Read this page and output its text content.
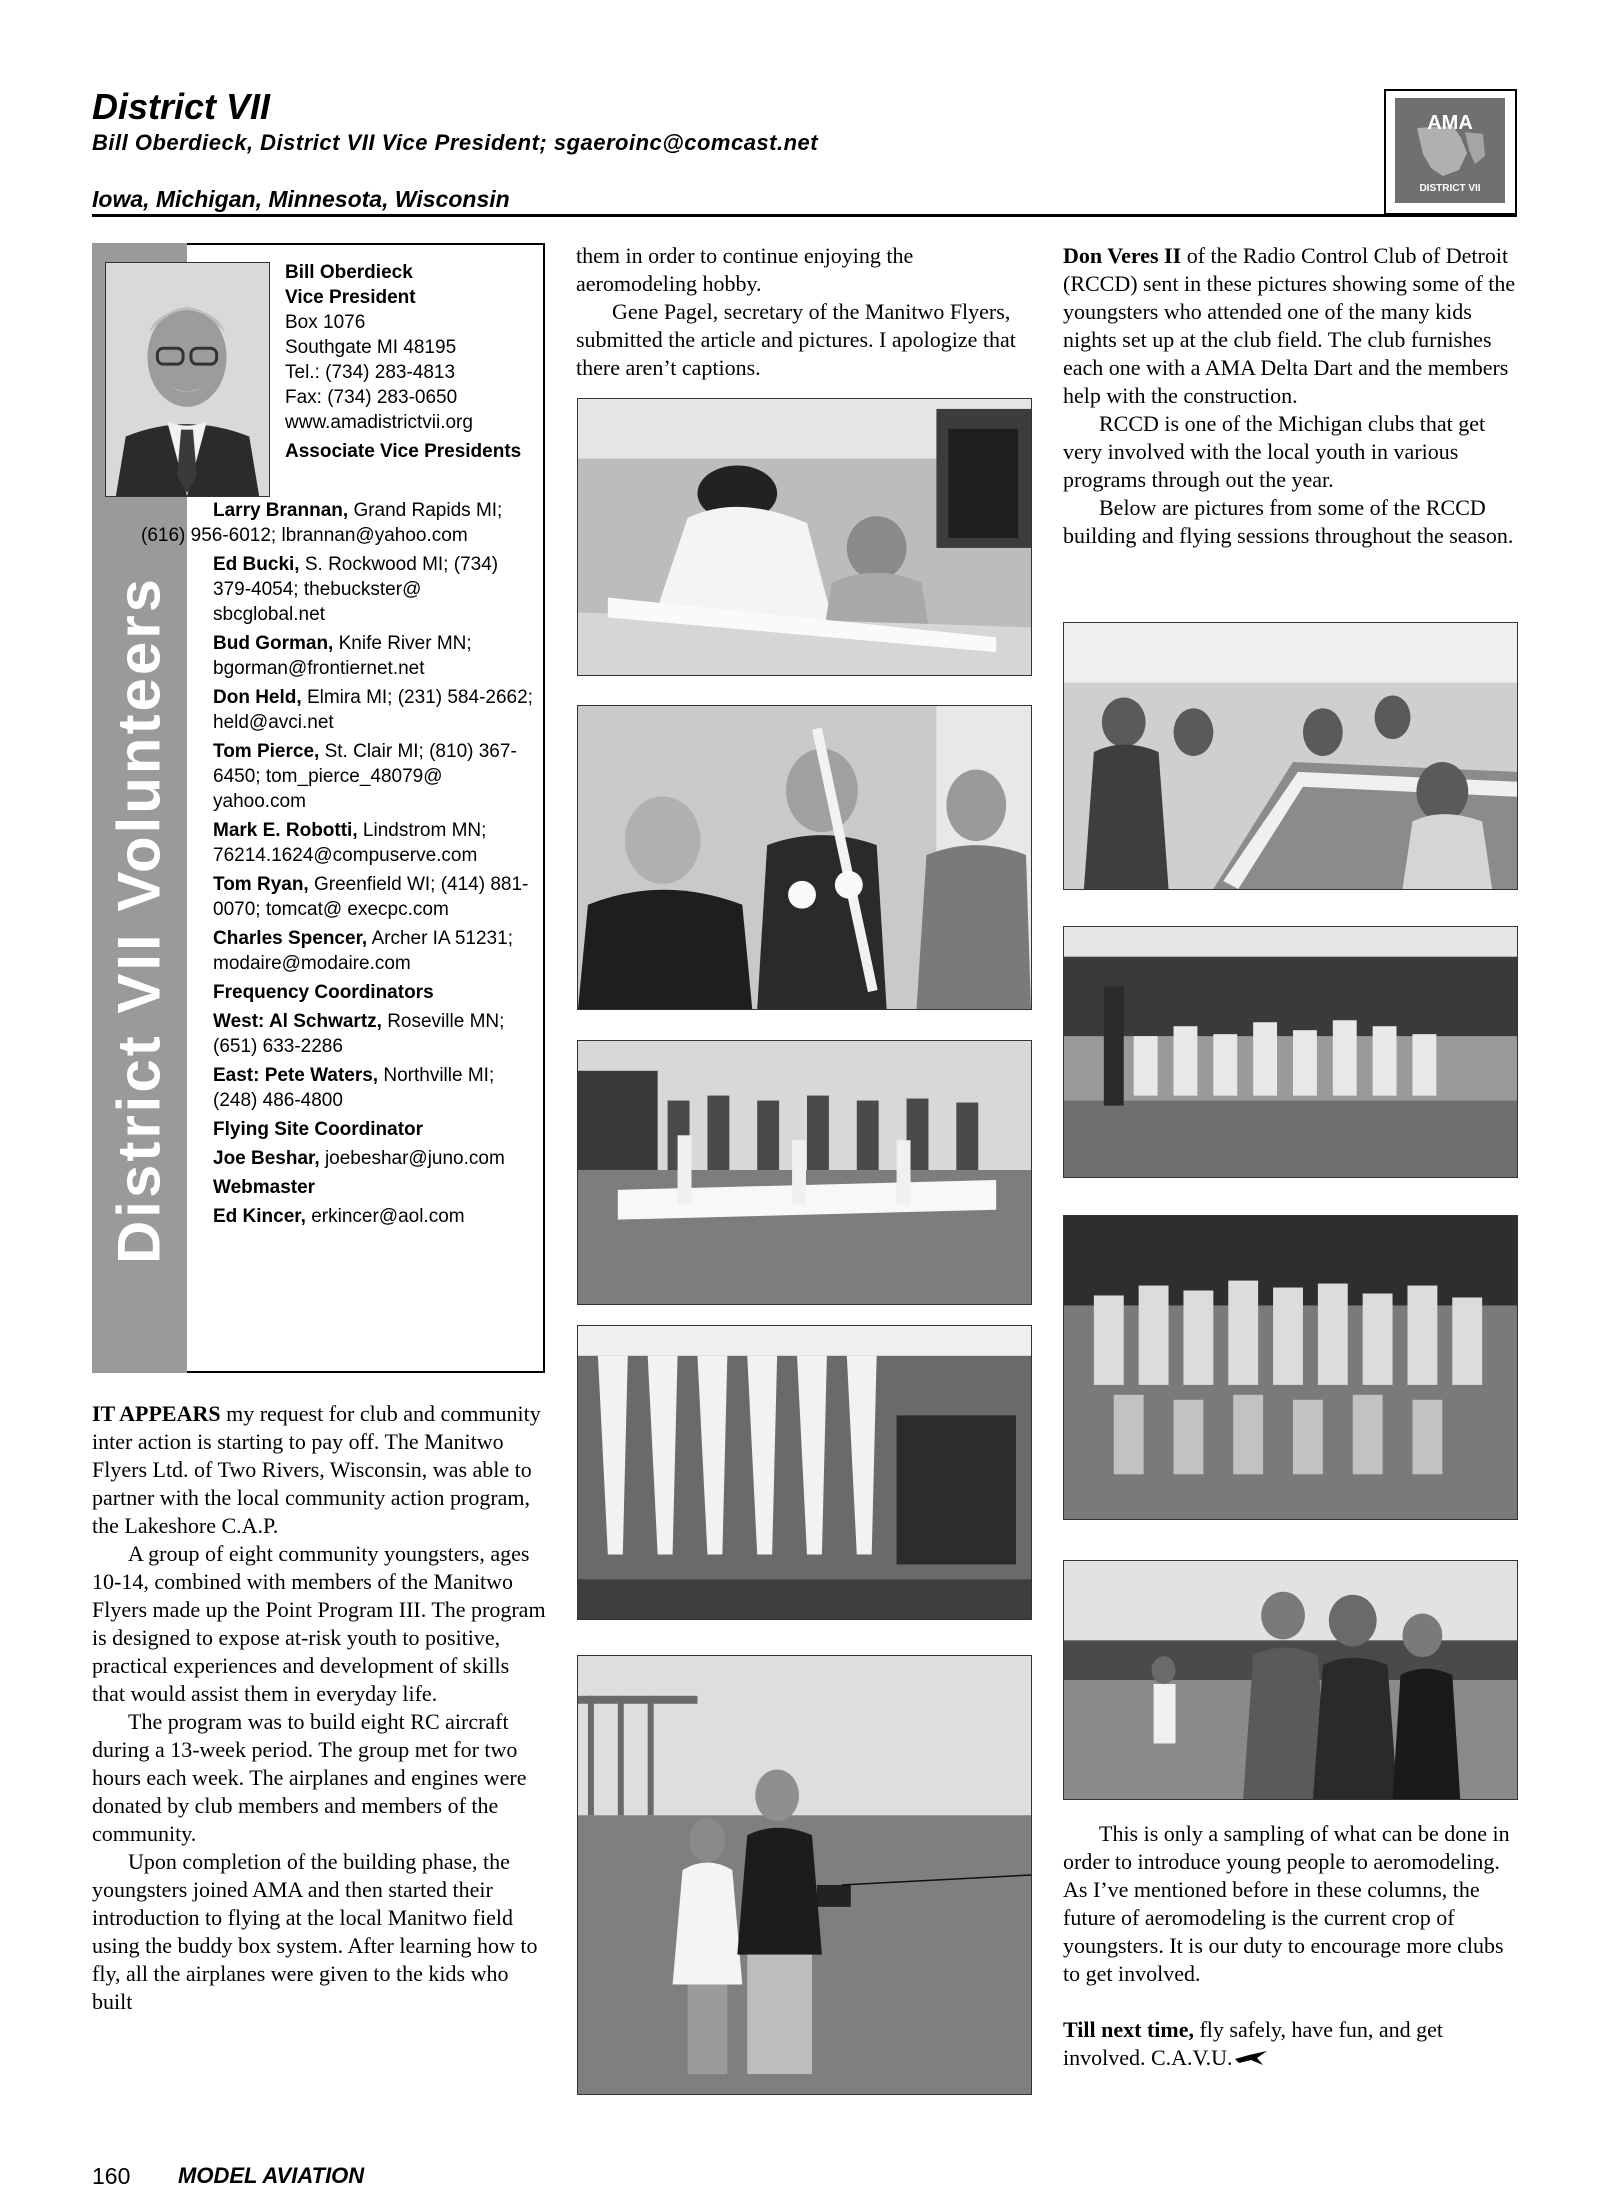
District VII
Bill Oberdieck, District VII Vice President; sgaeroinc@comcast.net
Iowa, Michigan, Minnesota, Wisconsin
AMA
DISTRICT VII
District VII Volunteers
Bill Oberdieck
Vice President
Box 1076
Southgate MI 48195
Tel.: (734) 283-4813
Fax: (734) 283-0650
www.amadistrictvii.org
Associate Vice Presidents
Larry Brannan, Grand Rapids MI; (616) 956-6012; lbrannan@yahoo.com
Ed Bucki, S. Rockwood MI; (734) 379-4054; thebuckster@ sbcglobal.net
Bud Gorman, Knife River MN; bgorman@frontiernet.net
Don Held, Elmira MI; (231) 584-2662; held@avci.net
Tom Pierce, St. Clair MI; (810) 367-6450; tom_pierce_48079@ yahoo.com
Mark E. Robotti, Lindstrom MN; 76214.1624@compuserve.com
Tom Ryan, Greenfield WI; (414) 881-0070; tomcat@ execpc.com
Charles Spencer, Archer IA 51231; modaire@modaire.com
Frequency Coordinators
West: Al Schwartz, Roseville MN; (651) 633-2286
East: Pete Waters, Northville MI; (248) 486-4800
Flying Site Coordinator
Joe Beshar, joebeshar@juno.com
Webmaster
Ed Kincer, erkincer@aol.com

IT APPEARS my request for club and community inter action is starting to pay off. The Manitwo Flyers Ltd. of Two Rivers, Wisconsin, was able to partner with the local community action program, the Lakeshore C.A.P.

A group of eight community youngsters, ages 10-14, combined with members of the Manitwo Flyers made up the Point Program III. The program is designed to expose at-risk youth to positive, practical experiences and development of skills that would assist them in everyday life.

The program was to build eight RC aircraft during a 13-week period. The group met for two hours each week. The airplanes and engines were donated by club members and members of the community.

Upon completion of the building phase, the youngsters joined AMA and then started their introduction to flying at the local Manitwo field using the buddy box system. After learning how to fly, all the airplanes were given to the kids who built

them in order to continue enjoying the aeromodeling hobby.

Gene Pagel, secretary of the Manitwo Flyers, submitted the article and pictures. I apologize that there aren’t captions.

Don Veres II of the Radio Control Club of Detroit (RCCD) sent in these pictures showing some of the youngsters who attended one of the many kids nights set up at the club field. The club furnishes each one with a AMA Delta Dart and the members help with the construction.

RCCD is one of the Michigan clubs that get very involved with the local youth in various programs through out the year.

Below are pictures from some of the RCCD building and flying sessions throughout the season.

This is only a sampling of what can be done in order to introduce young people to aeromodeling. As I’ve mentioned before in these columns, the future of aeromodeling is the current crop of youngsters. It is our duty to encourage more clubs to get involved.

Till next time, fly safely, have fun, and get involved. C.A.V.U.

160 MODEL AVIATION
